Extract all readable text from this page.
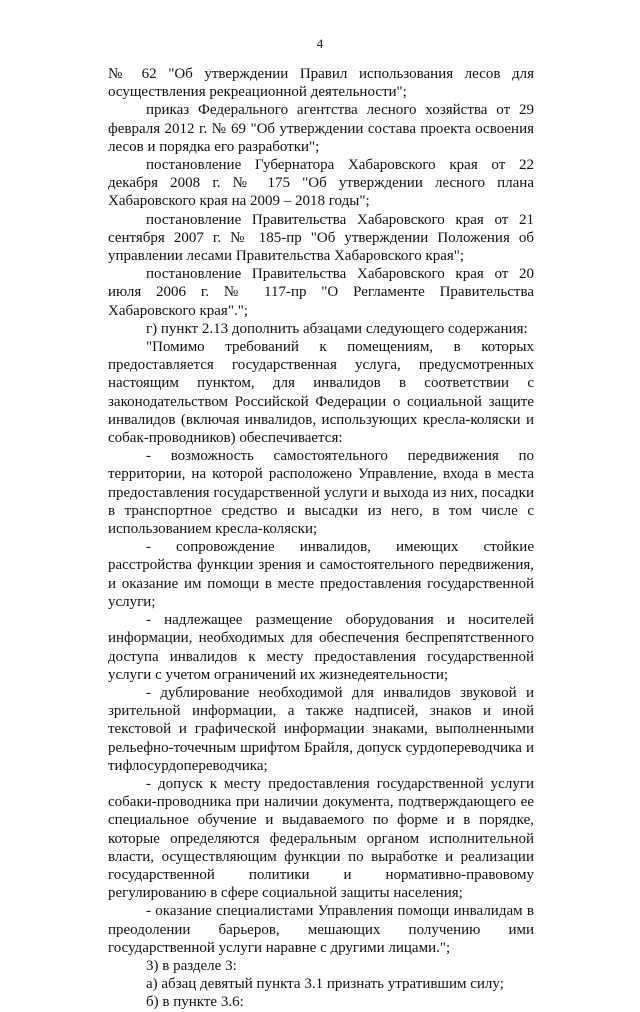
4

№ 62 "Об утверждении Правил использования лесов для осуществления рекреационной деятельности";

приказ Федерального агентства лесного хозяйства от 29 февраля 2012 г. № 69 "Об утверждении состава проекта освоения лесов и порядка его разработки";

постановление Губернатора Хабаровского края от 22 декабря 2008 г. № 175 "Об утверждении лесного плана Хабаровского края на 2009 – 2018 годы";

постановление Правительства Хабаровского края от 21 сентября 2007 г. № 185-пр "Об утверждении Положения об управлении лесами Правительства Хабаровского края";

постановление Правительства Хабаровского края от 20 июля 2006 г. № 117-пр "О Регламенте Правительства Хабаровского края".";

г) пункт 2.13 дополнить абзацами следующего содержания:

"Помимо требований к помещениям, в которых предоставляется государственная услуга, предусмотренных настоящим пунктом, для инвалидов в соответствии с законодательством Российской Федерации о социальной защите инвалидов (включая инвалидов, использующих кресла-коляски и собак-проводников) обеспечивается:

- возможность самостоятельного передвижения по территории, на которой расположено Управление, входа в места предоставления государственной услуги и выхода из них, посадки в транспортное средство и высадки из него, в том числе с использованием кресла-коляски;

- сопровождение инвалидов, имеющих стойкие расстройства функции зрения и самостоятельного передвижения, и оказание им помощи в месте предоставления государственной услуги;

- надлежащее размещение оборудования и носителей информации, необходимых для обеспечения беспрепятственного доступа инвалидов к месту предоставления государственной услуги с учетом ограничений их жизнедеятельности;

- дублирование необходимой для инвалидов звуковой и зрительной информации, а также надписей, знаков и иной текстовой и графической информации знаками, выполненными рельефно-точечным шрифтом Брайля, допуск сурдопереводчика и тифлосурдопереводчика;

- допуск к месту предоставления государственной услуги собаки-проводника при наличии документа, подтверждающего ее специальное обучение и выдаваемого по форме и в порядке, которые определяются федеральным органом исполнительной власти, осуществляющим функции по выработке и реализации государственной политики и нормативно-правовому регулированию в сфере социальной защиты населения;

- оказание специалистами Управления помощи инвалидам в преодолении барьеров, мешающих получению ими государственной услуги наравне с другими лицами.";

3) в разделе 3:

а) абзац девятый пункта 3.1 признать утратившим силу;

б) в пункте 3.6:
